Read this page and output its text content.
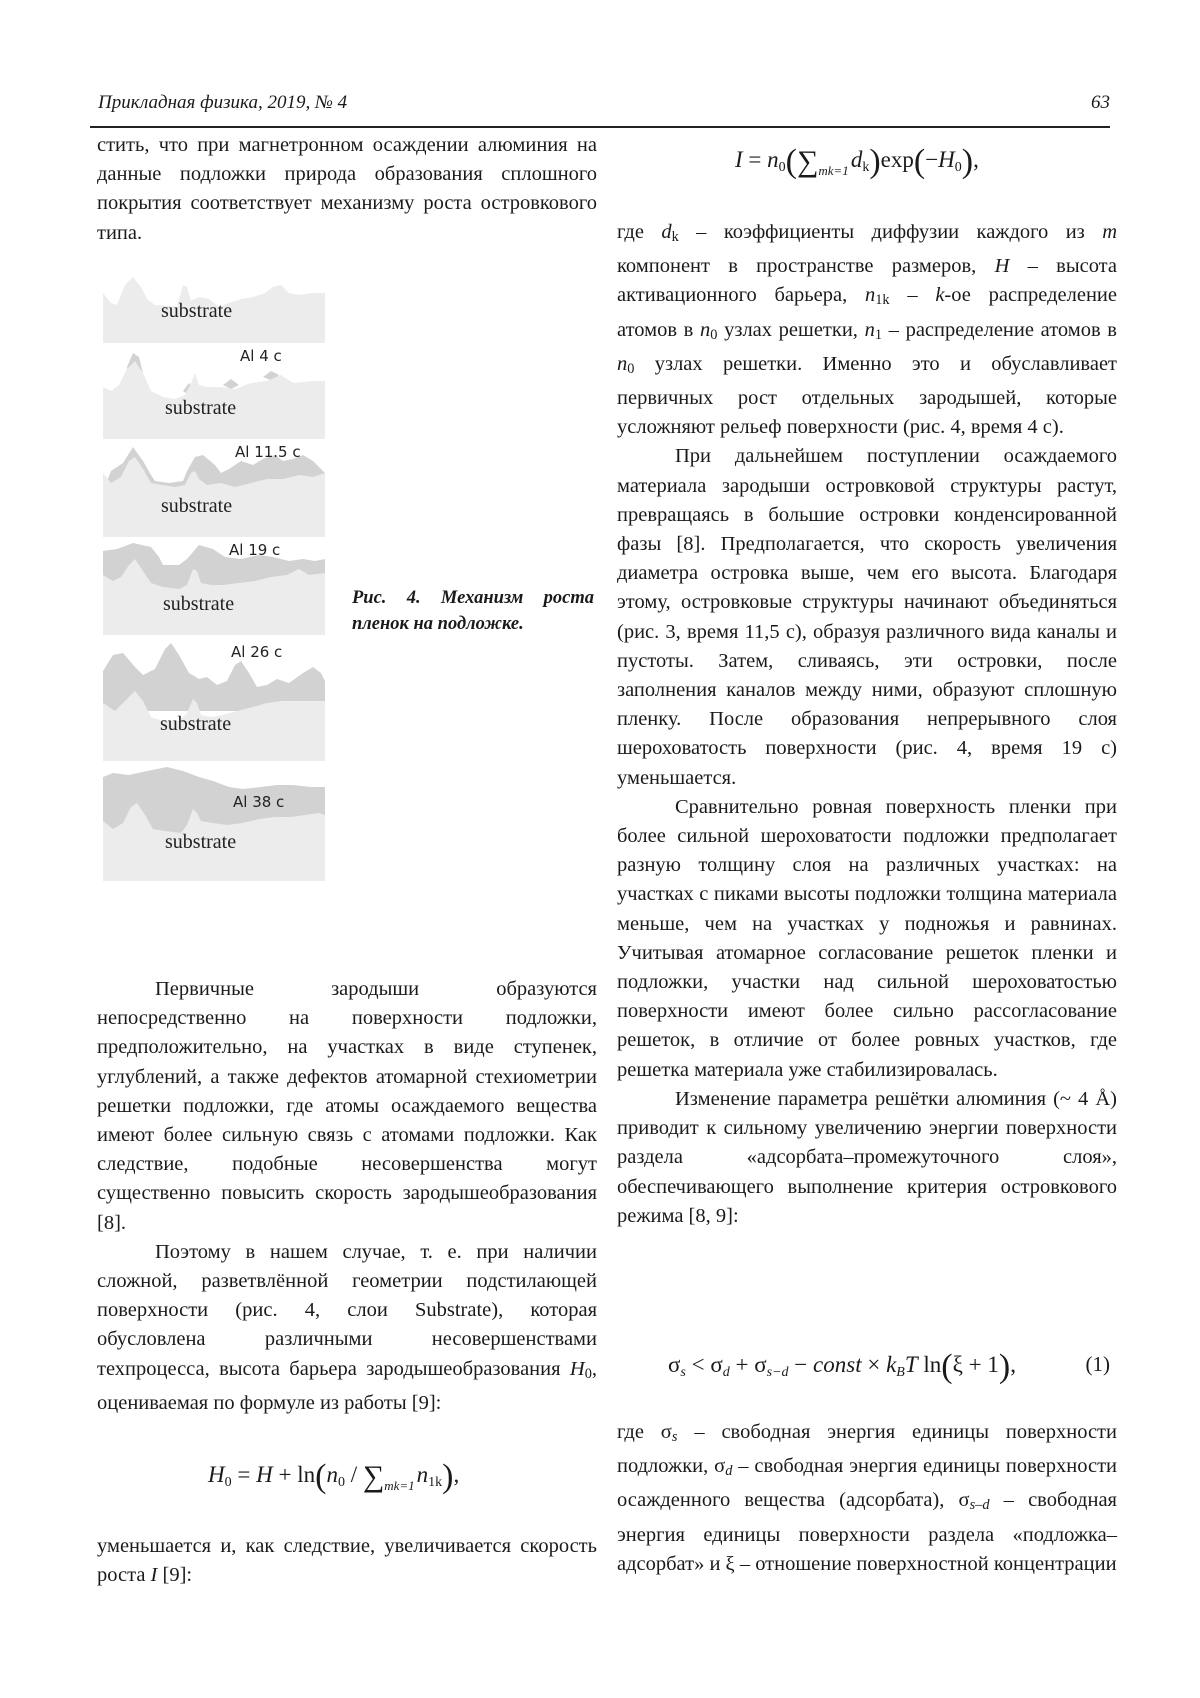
Прикладная физика, 2019, № 4	63

стить, что при магнетронном осаждении алюминия на данные подложки природа образования сплошного покрытия соответствует механизму роста островкового типа.

substrate
Al 4 c
substrate
Al 11.5 c
substrate
Al 19 c
substrate
Al 26 c
substrate
Al 38 c
substrate
Рис. 4. Механизм роста пленок на подложке.

Первичные зародыши образуются непосредственно на поверхности подложки, предположительно, на участках в виде ступенек, углублений, а также дефектов атомарной стехиометрии решетки подложки, где атомы осаждаемого вещества имеют более сильную связь с атомами подложки. Как следствие, подобные несовершенства могут существенно повысить скорость зародышеобразования [8].

Поэтому в нашем случае, т. е. при наличии сложной, разветвлённой геометрии подстилающей поверхности (рис. 4, слои Substrate), которая обусловлена различными несовершенствами техпроцесса, высота барьера зародышеобразования $H_0$, оцениваемая по формуле из работы [9]:

$H_0 = H + \ln(n_0 / \sum mk=1n_{1k})$,

уменьшается и, как следствие, увеличивается скорость роста I [9]:

$I = n_0(\sum mk=1d_k)\exp(-H_0)$,

где $d_k$ – коэффициенты диффузии каждого из m компонент в пространстве размеров, H – высота активационного барьера, $n_{1k} - k-ое$ распределение атомов в $n_0$ узлах решетки, $n_1$ – распределение атомов в $n_0$ узлах решетки. Именно это и обуславливает первичных рост отдельных зародышей, которые усложняют рельеф поверхности (рис. 4, время 4 с).

При дальнейшем поступлении осаждаемого материала зародыши островковой структуры растут, превращаясь в большие островки конденсированной фазы [8]. Предполагается, что скорость увеличения диаметра островка выше, чем его высота. Благодаря этому, островковые структуры начинают объединяться (рис. 3, время 11,5 с), образуя различного вида каналы и пустоты. Затем, сливаясь, эти островки, после заполнения каналов между ними, образуют сплошную пленку. После образования непрерывного слоя шероховатость поверхности (рис. 4, время 19 с) уменьшается.

Сравнительно ровная поверхность пленки при более сильной шероховатости подложки предполагает разную толщину слоя на различных участках: на участках с пиками высоты подложки толщина материала меньше, чем на участках у подножья и равнинах. Учитывая атомарное согласование решеток пленки и подложки, участки над сильной шероховатостью поверхности имеют более сильно рассогласование решеток, в отличие от более ровных участков, где решетка материала уже стабилизировалась.

Изменение параметра решётки алюминия (~ 4 Å) приводит к сильному увеличению энергии поверхности раздела «адсорбата–промежуточного слоя», обеспечивающего выполнение критерия островкового режима [8, 9]:

$\sigma_s < \sigma_d + \sigma_{s-d}$ − const × $k_BT$ ln(ξ + 1),	(1)

где $\sigma_s$ – свободная энергия единицы поверхности подложки, $\sigma_d$ – свободная энергия единицы поверхности осажденного вещества (адсорбата), $\sigma_{s-d}$ – свободная энергия единицы поверхности раздела «подложка–адсорбат» и ξ – отношение поверхностной концентрации
